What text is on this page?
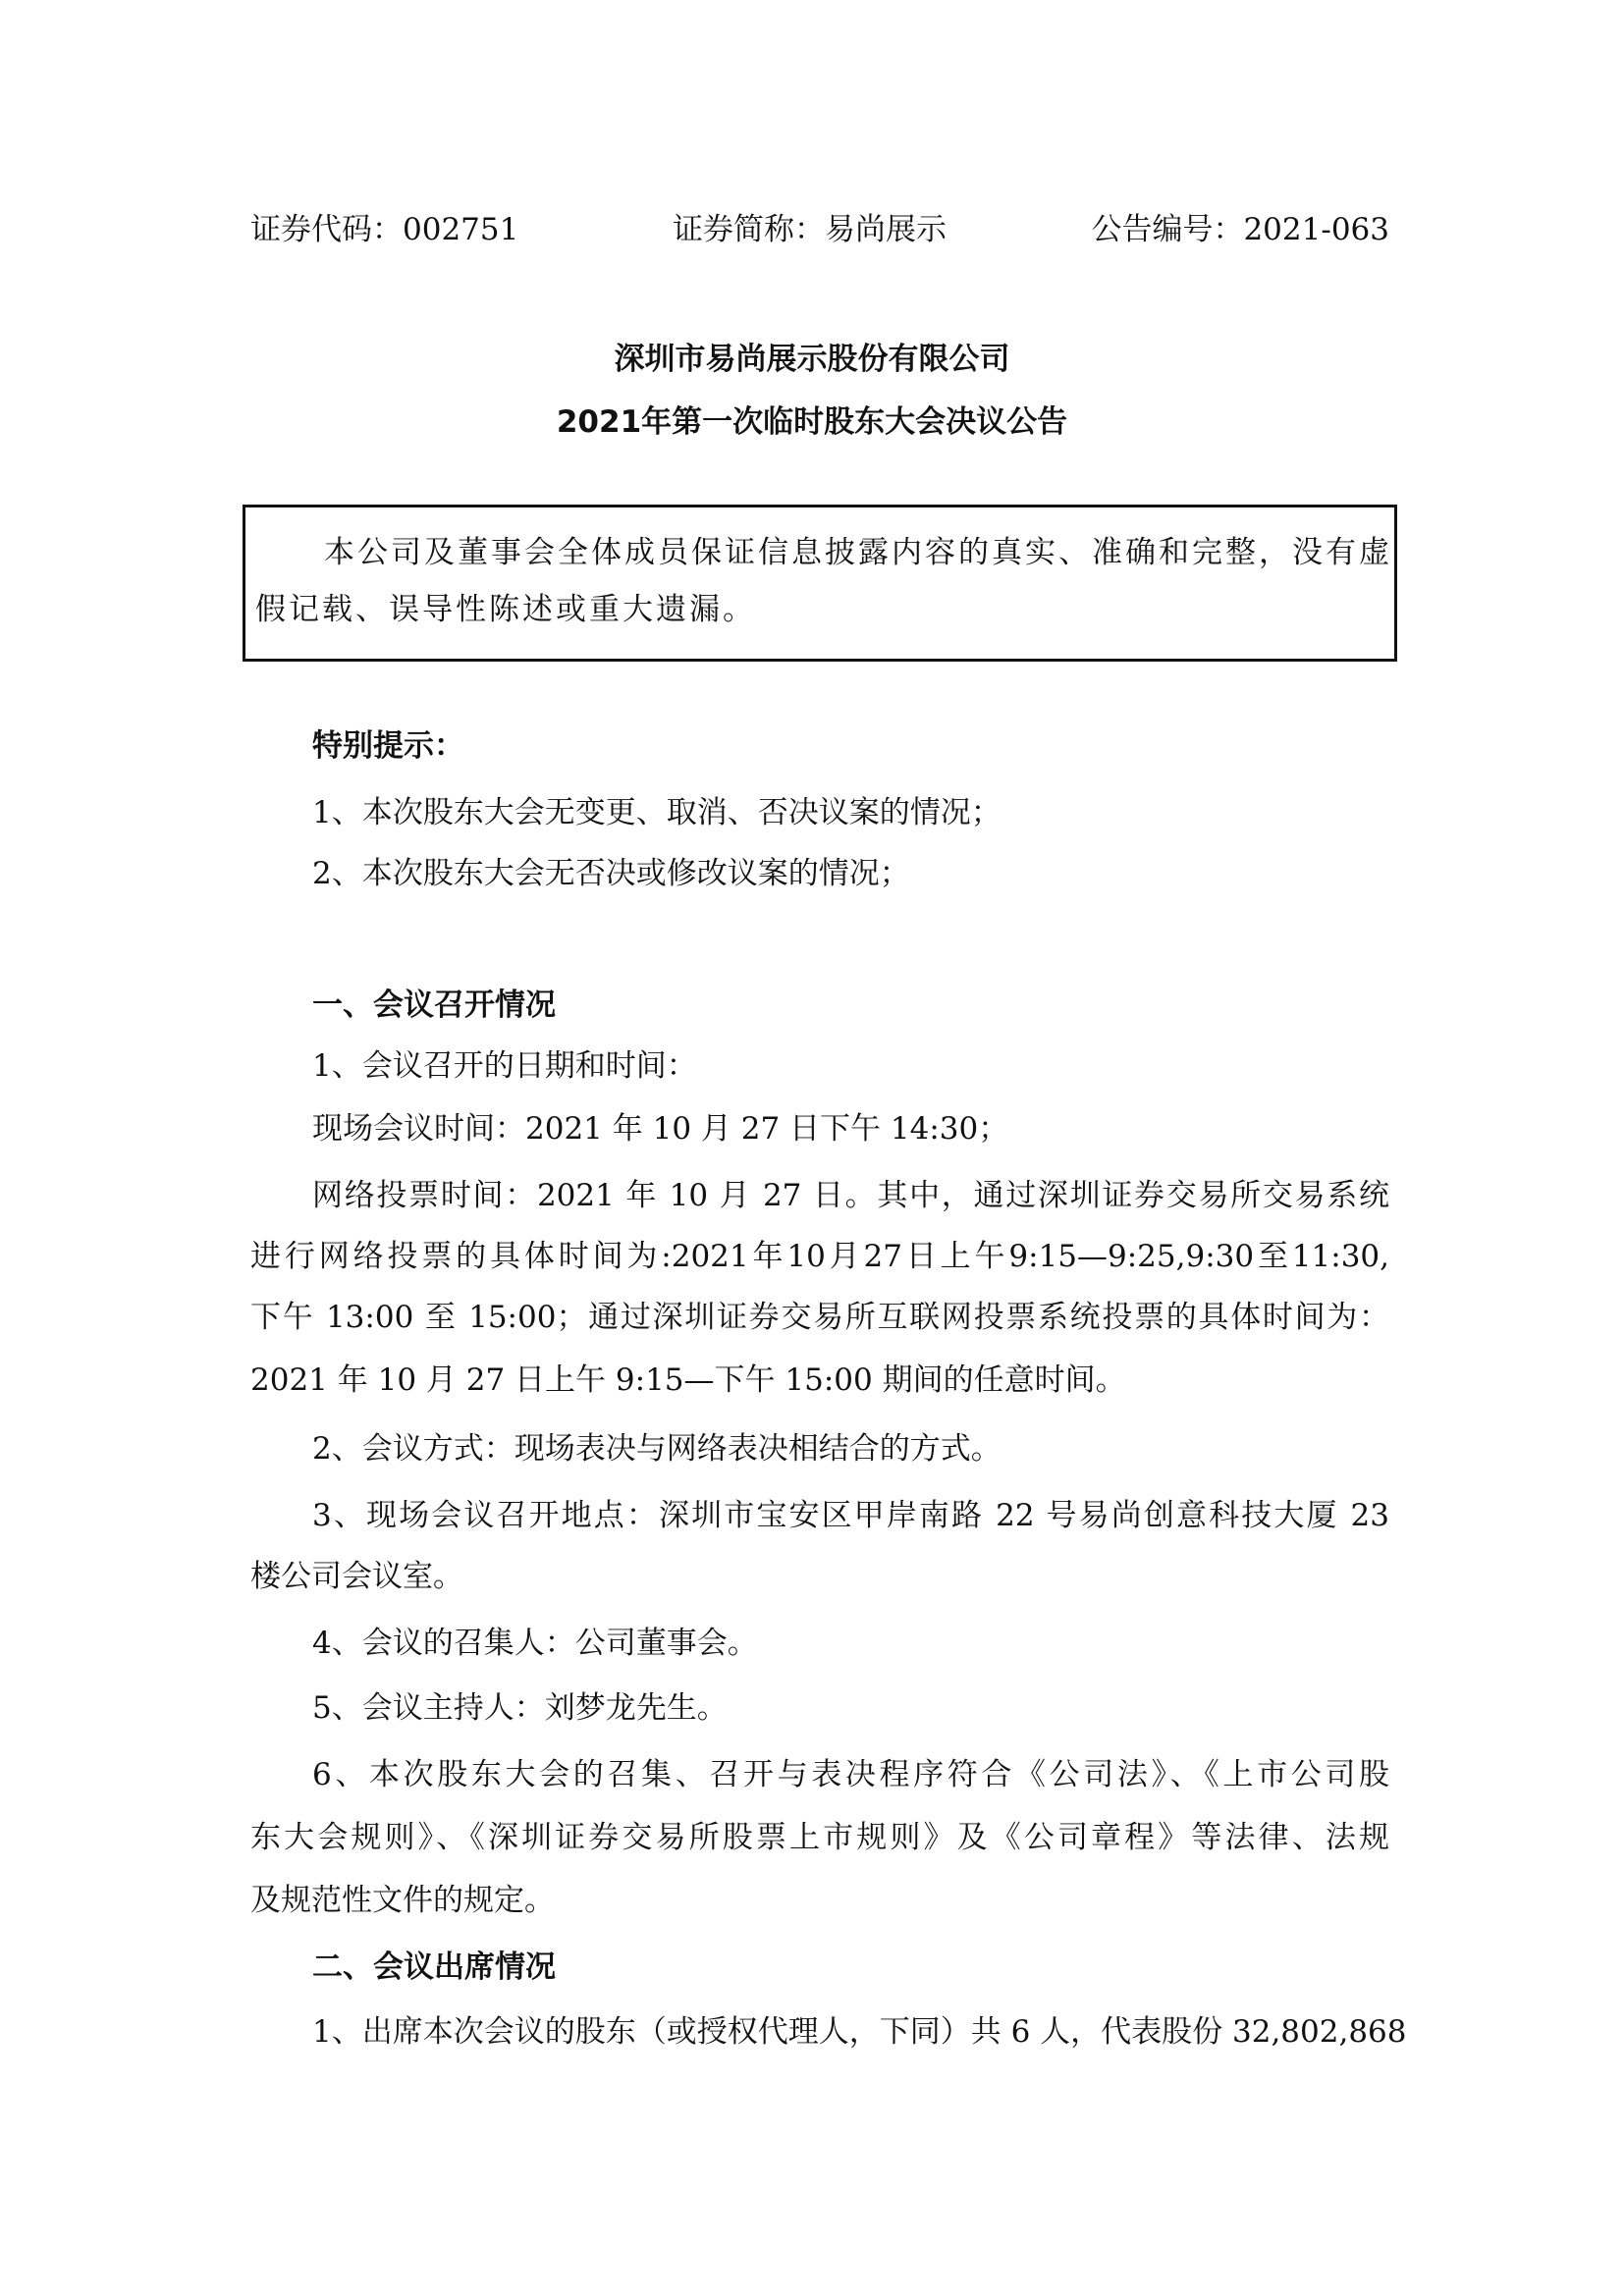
证券代码：002751	证券简称：易尚展示	公告编号：2021-063
深圳市易尚展示股份有限公司
2021年第一次临时股东大会决议公告
本公司及董事会全体成员保证信息披露内容的真实、准确和完整，没有虚
假记载、误导性陈述或重大遗漏。
特别提示：
1、本次股东大会无变更、取消、否决议案的情况；
2、本次股东大会无否决或修改议案的情况；
一、会议召开情况
1、会议召开的日期和时间：
现场会议时间：2021 年 10 月 27 日下午 14:30；
网络投票时间：2021 年 10 月 27 日。其中，通过深圳证券交易所交易系统
进行网络投票的具体时间为:2021年10月27日上午9:15—9:25,9:30至11:30,
下午 13:00 至 15:00；通过深圳证券交易所互联网投票系统投票的具体时间为：
2021 年 10 月 27 日上午 9:15—下午 15:00 期间的任意时间。
2、会议方式：现场表决与网络表决相结合的方式。
3、现场会议召开地点：深圳市宝安区甲岸南路 22 号易尚创意科技大厦 23
楼公司会议室。
4、会议的召集人：公司董事会。
5、会议主持人：刘梦龙先生。
6、本次股东大会的召集、召开与表决程序符合《公司法》、《上市公司股
东大会规则》、《深圳证券交易所股票上市规则》及《公司章程》等法律、法规
及规范性文件的规定。
二、会议出席情况
1、出席本次会议的股东（或授权代理人，下同）共 6 人，代表股份 32,802,868
